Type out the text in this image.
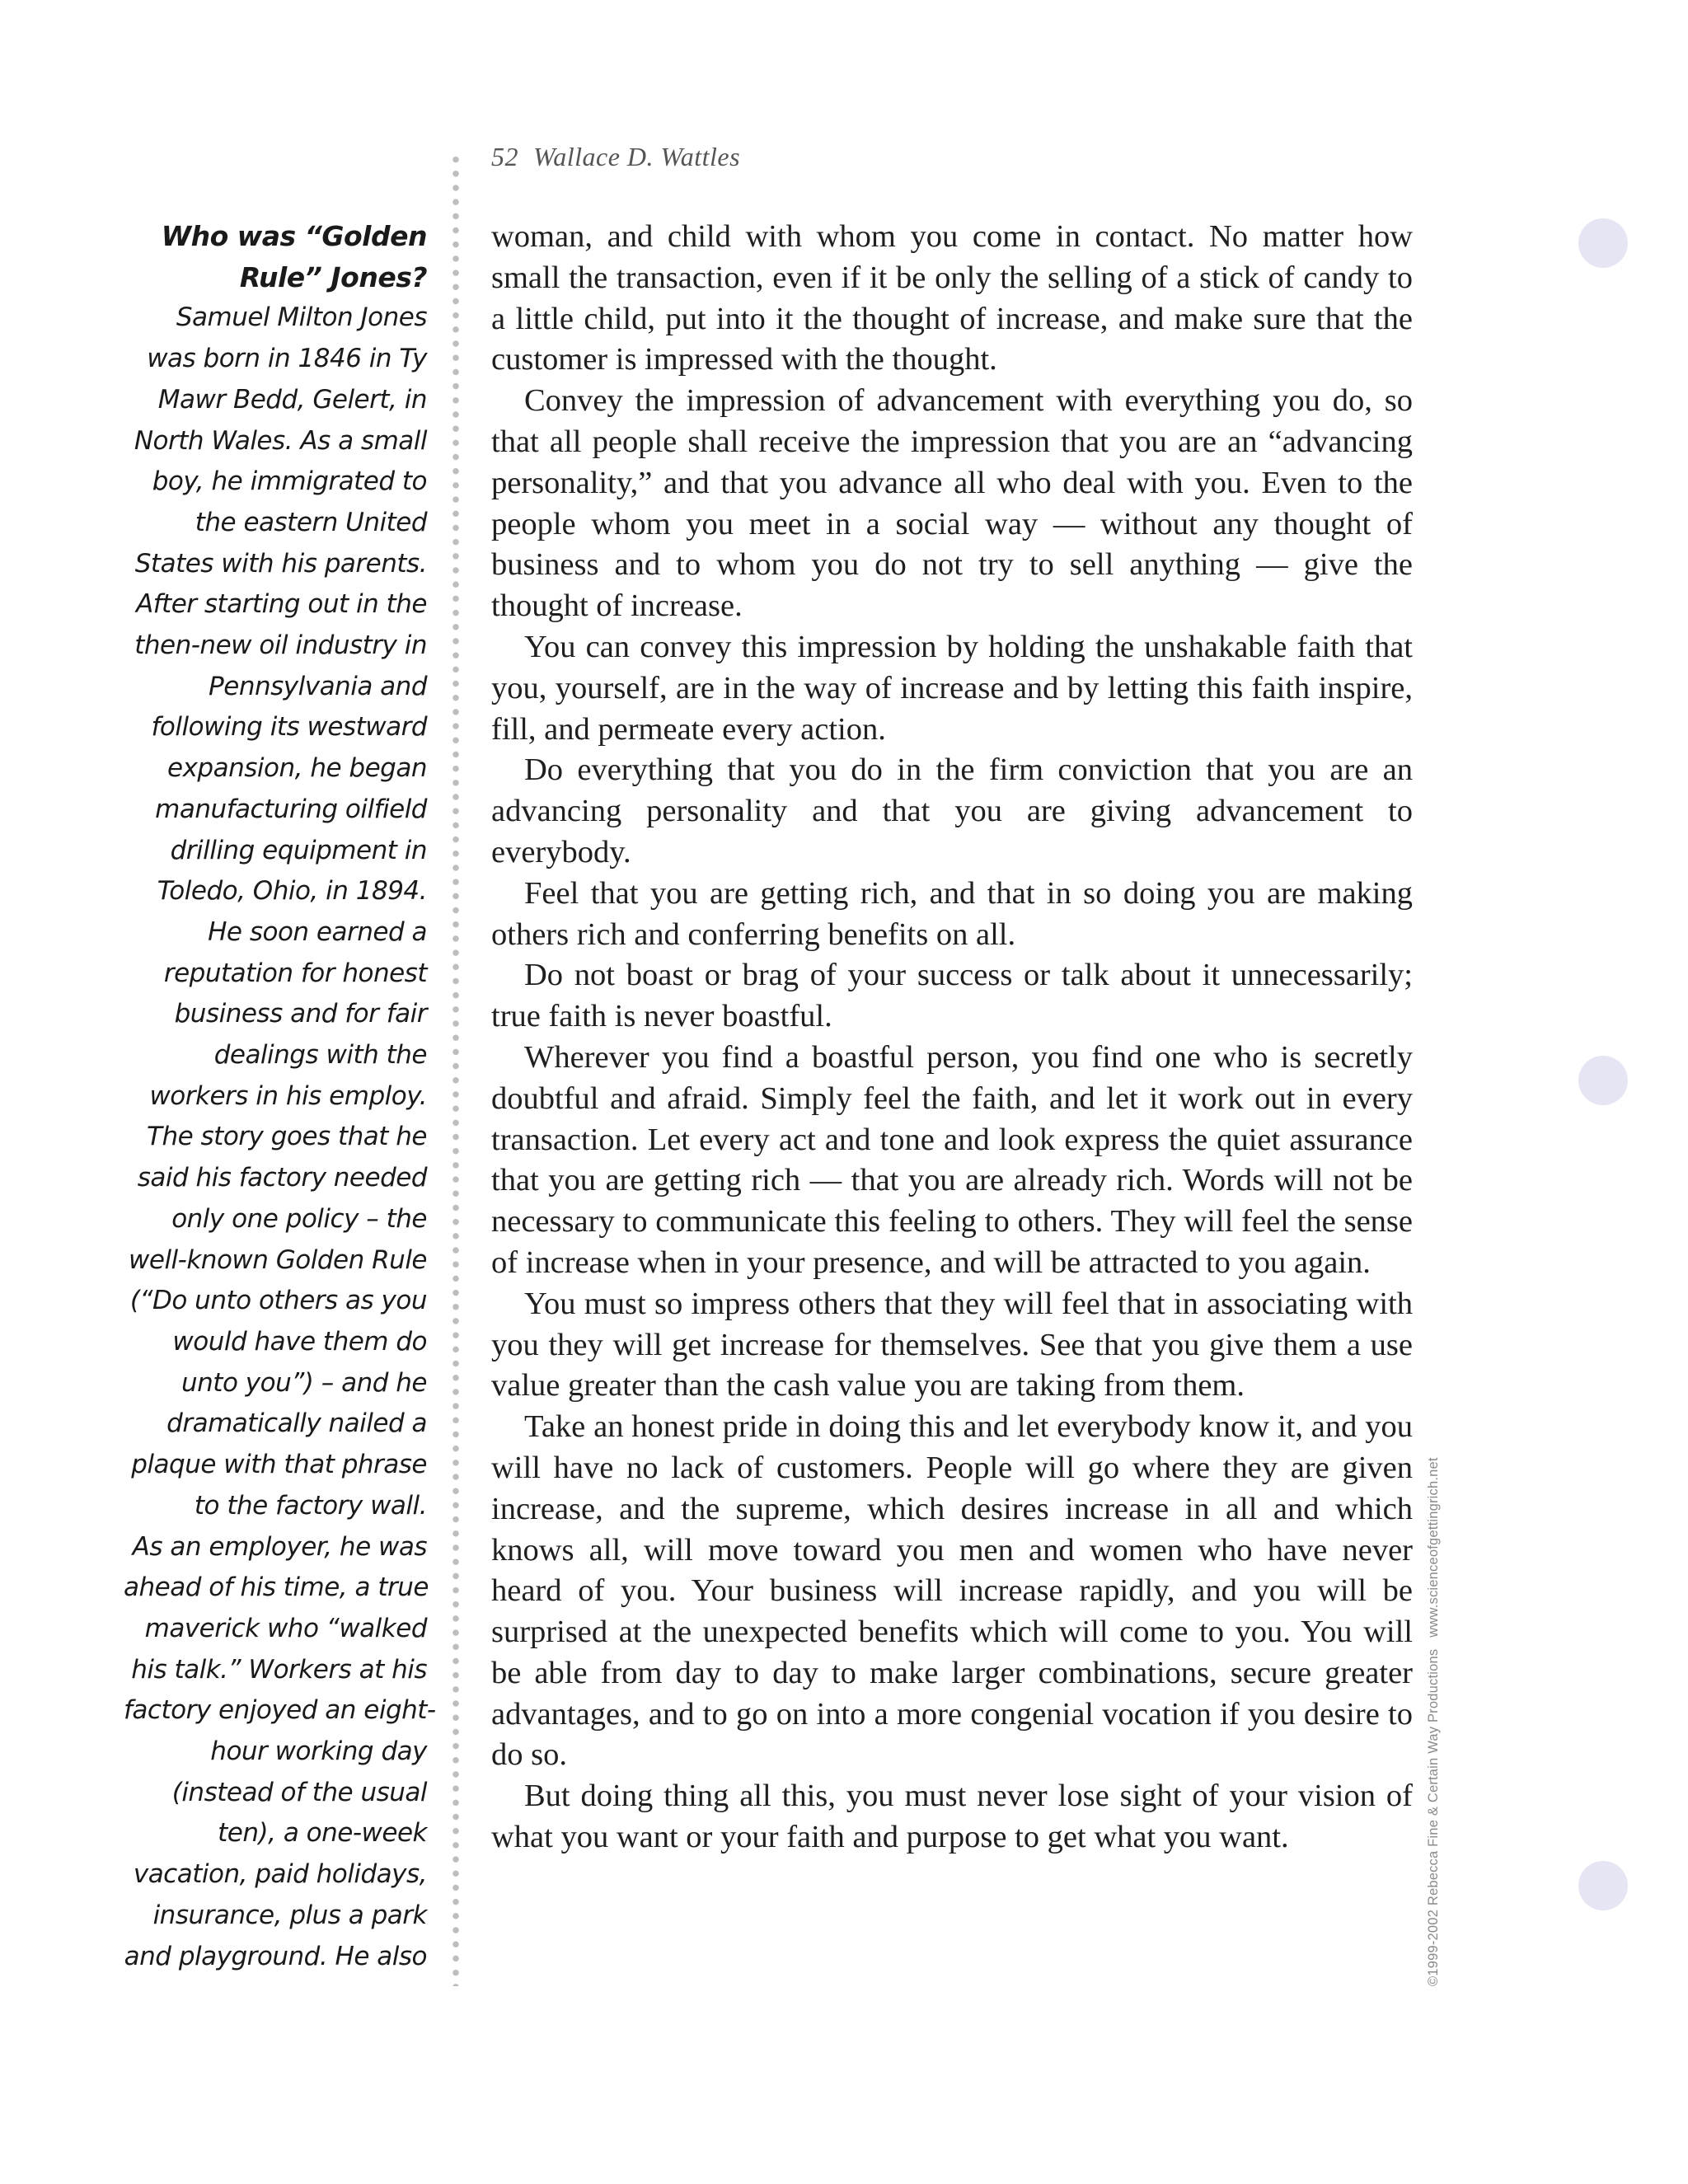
52 Wallace D. Wattles
Who was “Golden
Rule” Jones?
Samuel Milton Jones
was born in 1846 in Ty
Mawr Bedd, Gelert, in
North Wales. As a small
boy, he immigrated to
the eastern United
States with his parents.
After starting out in the
then-new oil industry in
Pennsylvania and
following its westward
expansion, he began
manufacturing oilfield
drilling equipment in
Toledo, Ohio, in 1894.
He soon earned a
reputation for honest
business and for fair
dealings with the
workers in his employ.
The story goes that he
said his factory needed
only one policy – the
well-known Golden Rule
(“Do unto others as you
would have them do
unto you”) – and he
dramatically nailed a
plaque with that phrase
to the factory wall.
As an employer, he was
ahead of his time, a true
maverick who “walked
his talk.” Workers at his
factory enjoyed an eight-
hour working day
(instead of the usual
ten), a one-week
vacation, paid holidays,
insurance, plus a park
and playground. He also

woman, and child with whom you come in contact. No matter how small the transaction, even if it be only the selling of a stick of candy to a little child, put into it the thought of increase, and make sure that the customer is impressed with the thought.

Convey the impression of advancement with everything you do, so that all people shall receive the impression that you are an “advancing personality,” and that you advance all who deal with you. Even to the people whom you meet in a social way — without any thought of business and to whom you do not try to sell anything — give the thought of increase.

You can convey this impression by holding the unshakable faith that you, yourself, are in the way of increase and by letting this faith inspire, fill, and permeate every action.

Do everything that you do in the firm conviction that you are an advancing personality and that you are giving advancement to everybody.

Feel that you are getting rich, and that in so doing you are making others rich and conferring benefits on all.

Do not boast or brag of your success or talk about it unnecessarily; true faith is never boastful.

Wherever you find a boastful person, you find one who is secretly doubtful and afraid. Simply feel the faith, and let it work out in every transaction. Let every act and tone and look express the quiet assurance that you are getting rich — that you are already rich. Words will not be necessary to communicate this feeling to others. They will feel the sense of increase when in your presence, and will be attracted to you again.

You must so impress others that they will feel that in associating with you they will get increase for themselves. See that you give them a use value greater than the cash value you are taking from them.

Take an honest pride in doing this and let everybody know it, and you will have no lack of customers. People will go where they are given increase, and the supreme, which desires increase in all and which knows all, will move toward you men and women who have never heard of you. Your business will increase rapidly, and you will be surprised at the unexpected benefits which will come to you. You will be able from day to day to make larger combinations, secure greater advantages, and to go on into a more congenial vocation if you desire to do so.

But doing thing all this, you must never lose sight of your vision of what you want or your faith and purpose to get what you want.	©1999-2002 Rebecca Fine & Certain Way Productionswww.scienceofgettingrich.net
